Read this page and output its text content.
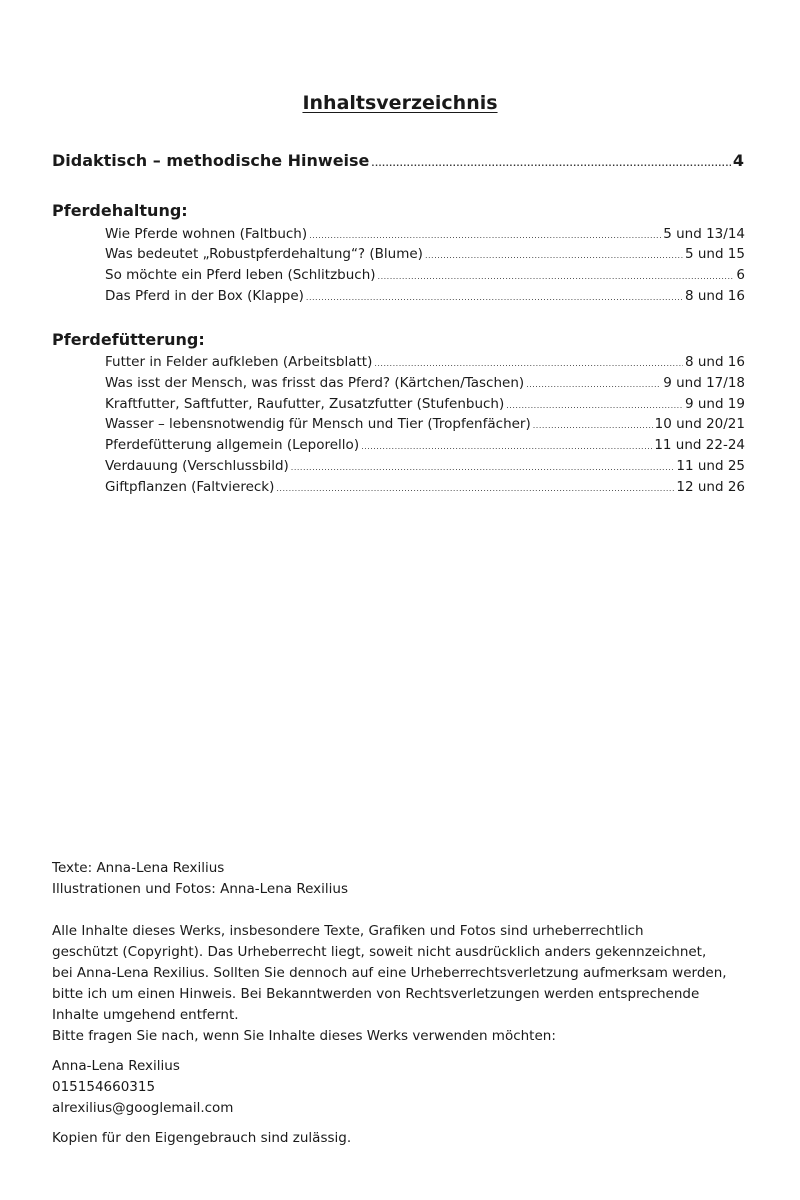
Inhaltsverzeichnis
Didaktisch – methodische Hinweise .....	4
Pferdehaltung:
Wie Pferde wohnen (Faltbuch) .....	5 und 13/14
Was bedeutet „Robustpferdehaltung“? (Blume) .....	5 und 15
So möchte ein Pferd leben (Schlitzbuch) .....	6
Das Pferd in der Box (Klappe) .....	8 und 16
Pferdefütterung:
Futter in Felder aufkleben (Arbeitsblatt) .....	8 und 16
Was isst der Mensch, was frisst das Pferd? (Kärtchen/Taschen) .....	9 und 17/18
Kraftfutter, Saftfutter, Raufutter, Zusatzfutter (Stufenbuch) .....	9 und 19
Wasser – lebensnotwendig für Mensch und Tier (Tropfenfächer) .....	10 und 20/21
Pferdefütterung allgemein (Leporello) .....	11 und 22-24
Verdauung (Verschlussbild) .....	11 und 25
Giftpflanzen (Faltviereck) .....	12 und 26
Texte: Anna-Lena Rexilius
Illustrationen und Fotos: Anna-Lena Rexilius
Alle Inhalte dieses Werks, insbesondere Texte, Grafiken und Fotos sind urheberrechtlich
geschützt (Copyright). Das Urheberrecht liegt, soweit nicht ausdrücklich anders gekennzeichnet,
bei Anna-Lena Rexilius. Sollten Sie dennoch auf eine Urheberrechtsverletzung aufmerksam werden,
bitte ich um einen Hinweis. Bei Bekanntwerden von Rechtsverletzungen werden entsprechende
Inhalte umgehend entfernt.
Bitte fragen Sie nach, wenn Sie Inhalte dieses Werks verwenden möchten:
Anna-Lena Rexilius
015154660315
alrexilius@googlemail.com
Kopien für den Eigengebrauch sind zulässig.
